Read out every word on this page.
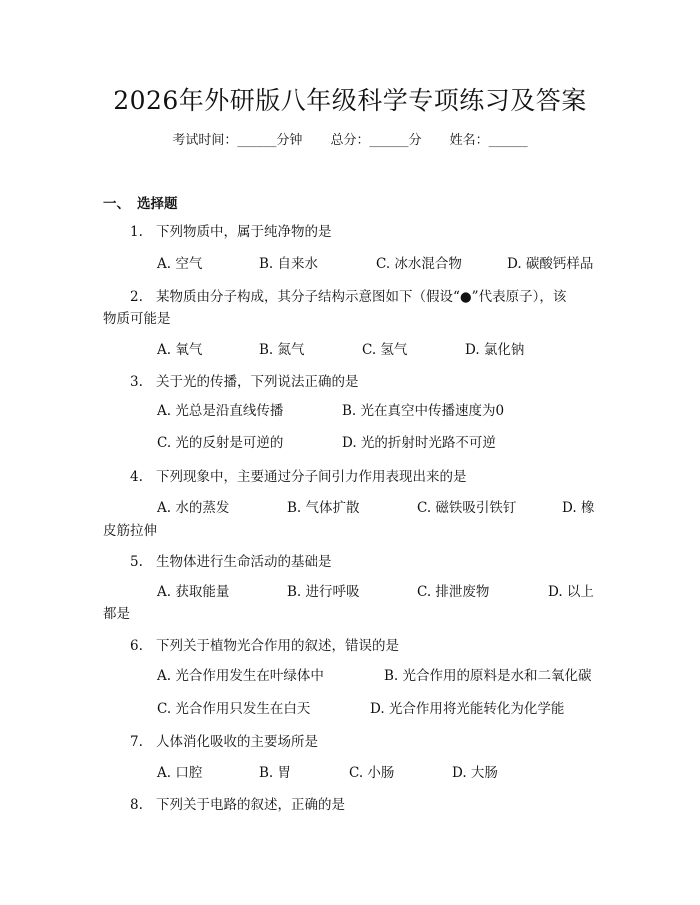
2026年外研版八年级科学专项练习及答案
考试时间：______分钟 总分：______分 姓名：______
一、 选择题
1. 下列物质中，属于纯净物的是
A. 空气	B. 自来水	C. 冰水混合物	D. 碳酸钙样品
2. 某物质由分子构成，其分子结构示意图如下（假设“●”代表原子），该
物质可能是
A. 氧气	B. 氮气	C. 氢气	D. 氯化钠
3. 关于光的传播，下列说法正确的是
A. 光总是沿直线传播	B. 光在真空中传播速度为0
C. 光的反射是可逆的	D. 光的折射时光路不可逆
4. 下列现象中，主要通过分子间引力作用表现出来的是
A. 水的蒸发	B. 气体扩散	C. 磁铁吸引铁钉	D. 橡
皮筋拉伸
5. 生物体进行生命活动的基础是
A. 获取能量	B. 进行呼吸	C. 排泄废物	D. 以上
都是
6. 下列关于植物光合作用的叙述，错误的是
A. 光合作用发生在叶绿体中	B. 光合作用的原料是水和二氧化碳
C. 光合作用只发生在白天	D. 光合作用将光能转化为化学能
7. 人体消化吸收的主要场所是
A. 口腔	B. 胃	C. 小肠	D. 大肠
8. 下列关于电路的叙述，正确的是
